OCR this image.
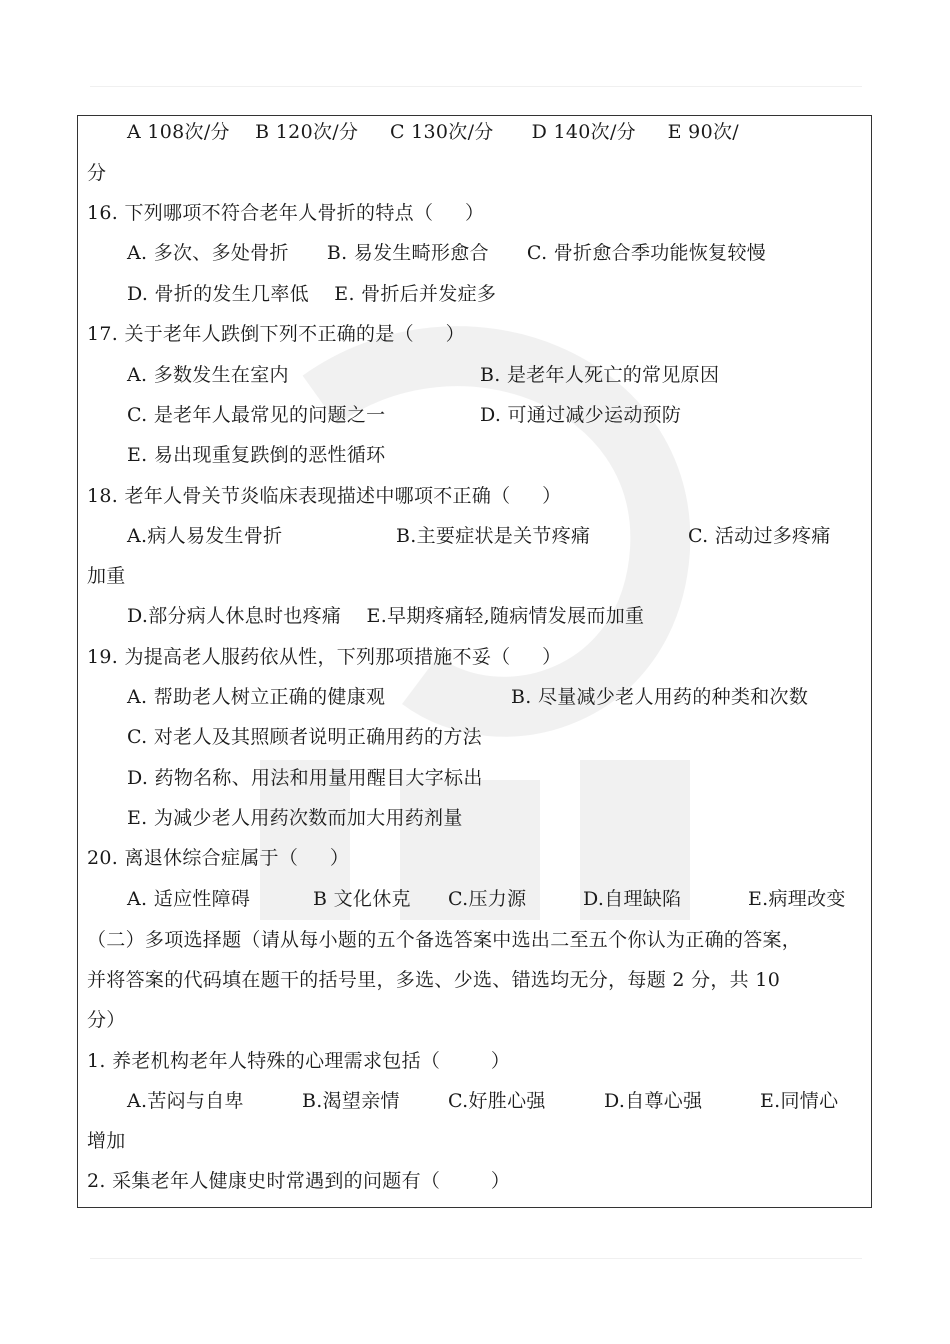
A 108次/分    B 120次/分     C 130次/分      D 140次/分     E 90次/
分
16. 下列哪项不符合老年人骨折的特点（     ）
A. 多次、多处骨折      B. 易发生畸形愈合      C. 骨折愈合季功能恢复较慢
D. 骨折的发生几率低    E. 骨折后并发症多
17. 关于老年人跌倒下列不正确的是（     ）
A. 多数发生在室内	B. 是老年人死亡的常见原因
C. 是老年人最常见的问题之一	D. 可通过减少运动预防
E. 易出现重复跌倒的恶性循环
18. 老年人骨关节炎临床表现描述中哪项不正确（     ）
A.病人易发生骨折	B.主要症状是关节疼痛	C. 活动过多疼痛
加重
D.部分病人休息时也疼痛    E.早期疼痛轻,随病情发展而加重
19. 为提高老人服药依从性，下列那项措施不妥（     ）
A. 帮助老人树立正确的健康观	B. 尽量减少老人用药的种类和次数
C. 对老人及其照顾者说明正确用药的方法
D. 药物名称、用法和用量用醒目大字标出
E. 为减少老人用药次数而加大用药剂量
20. 离退休综合症属于（     ）
A. 适应性障碍	B 文化休克 C.压力源	D.自理缺陷	E.病理改变
（二）多项选择题（请从每小题的五个备选答案中选出二至五个你认为正确的答案，
并将答案的代码填在题干的括号里，多选、少选、错选均无分，每题 2 分，共 10
分）
1. 养老机构老年人特殊的心理需求包括（        ）
A.苦闷与自卑	B.渴望亲情	C.好胜心强	D.自尊心强	E.同情心
增加
2. 采集老年人健康史时常遇到的问题有（        ）
